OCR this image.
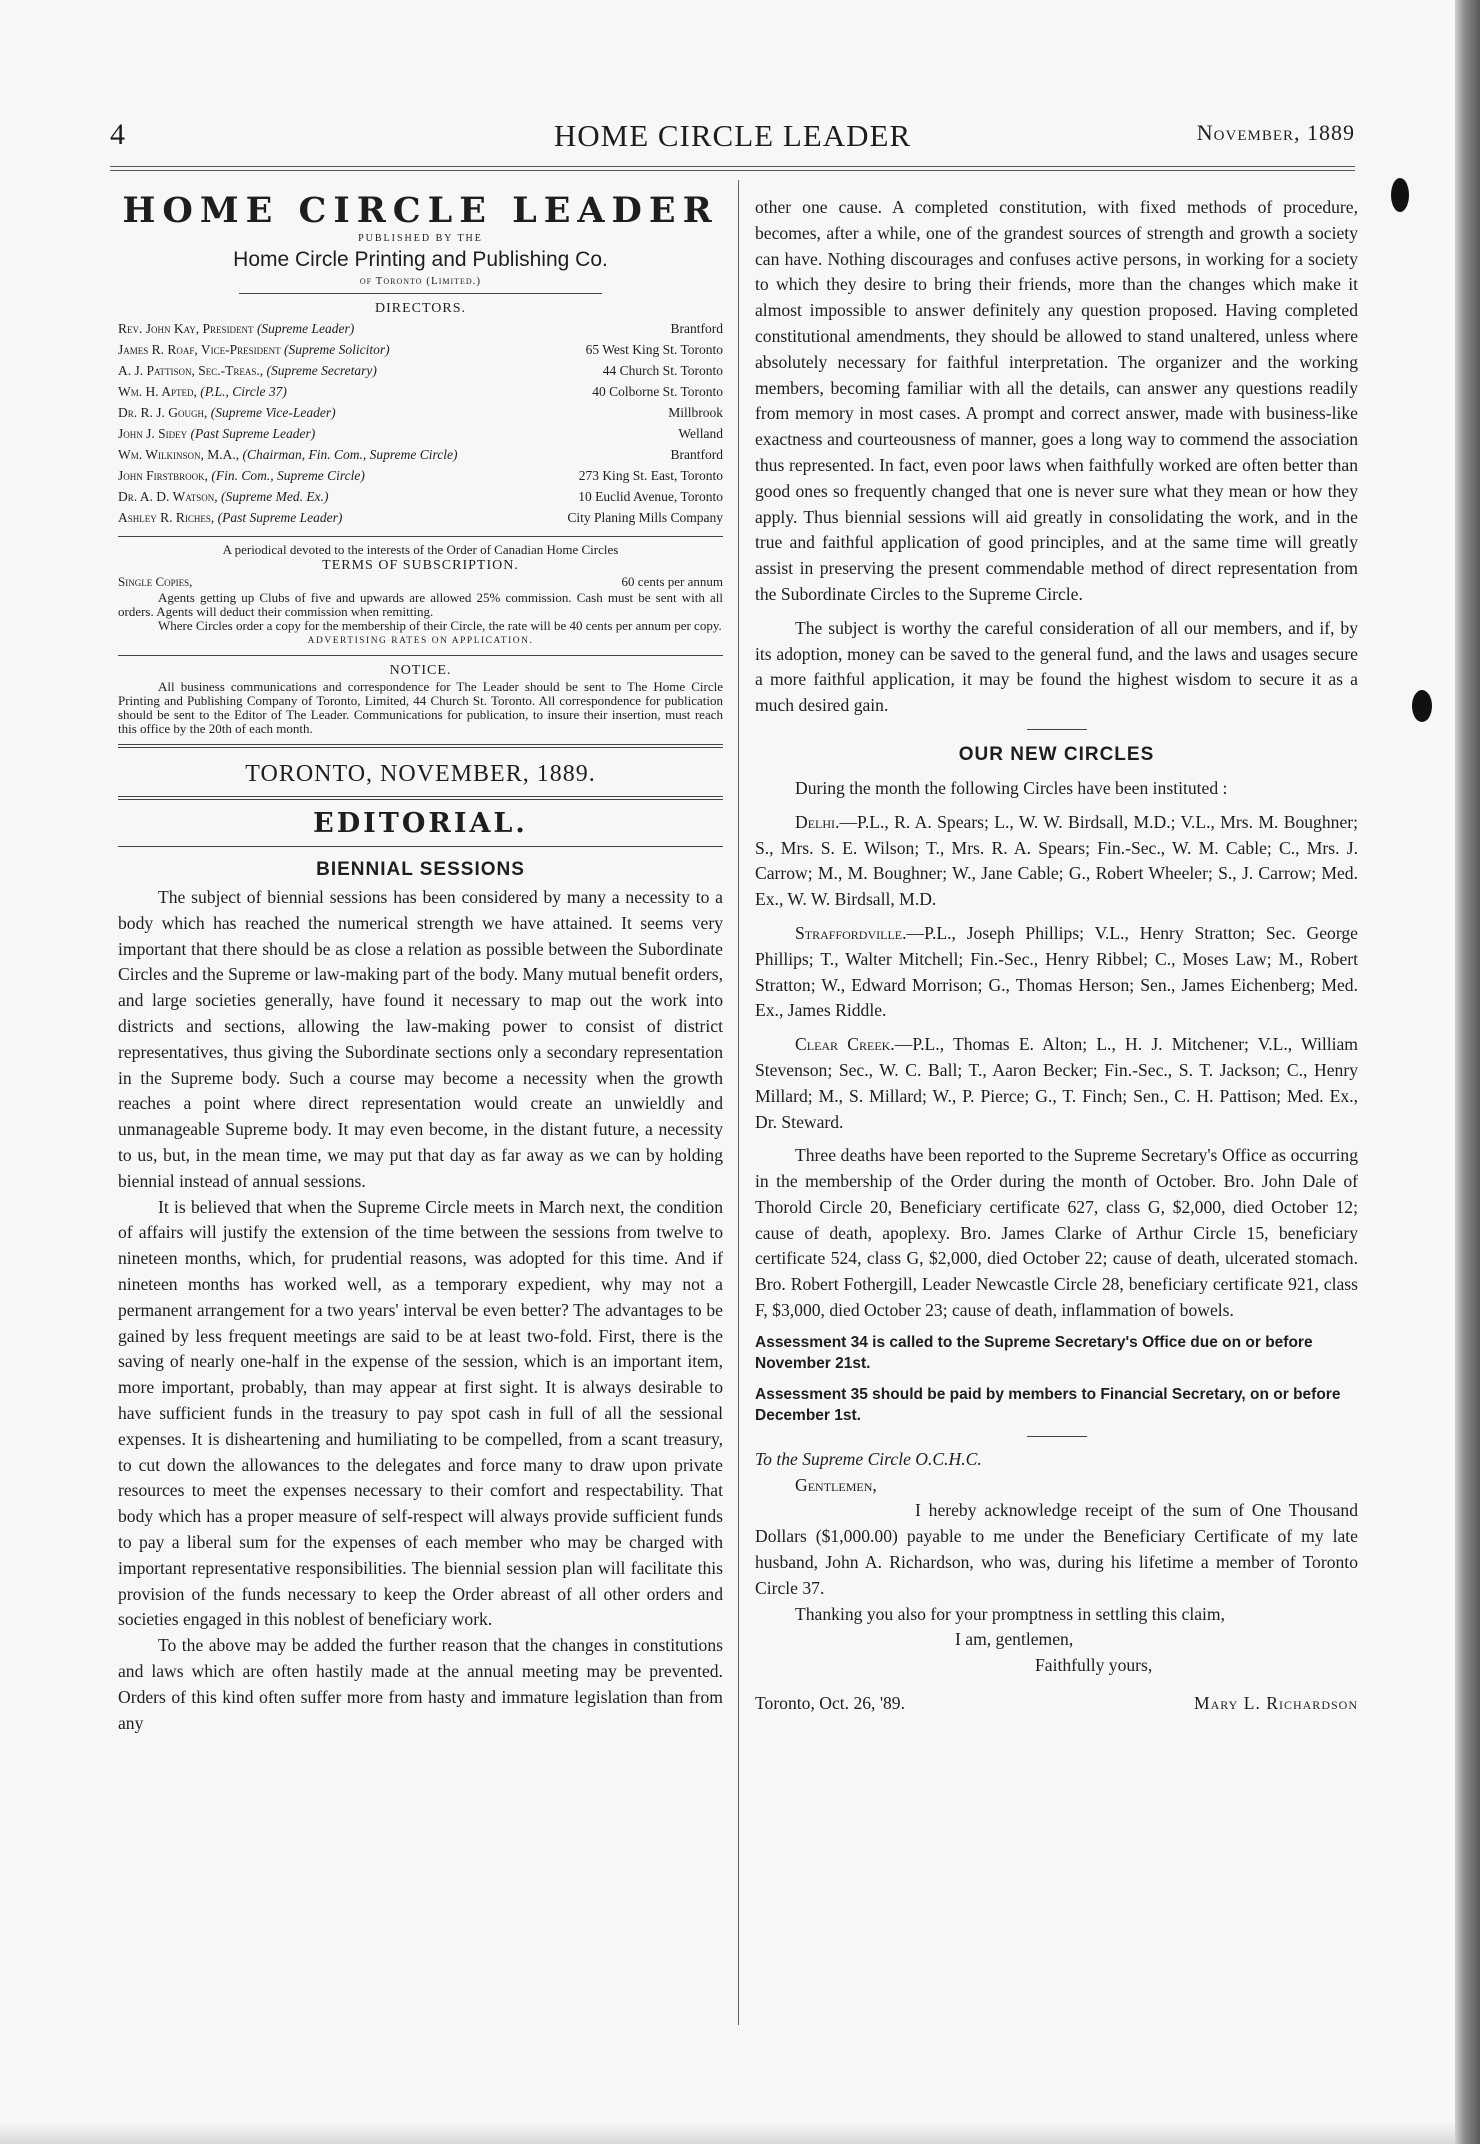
4	HOME CIRCLE LEADER	November, 1889
HOME CIRCLE LEADER
PUBLISHED BY THE
Home Circle Printing and Publishing Co.
of Toronto (Limited.)
DIRECTORS.
Rev. John Kay, President (Supreme Leader)	Brantford
James R. Roaf, Vice-President (Supreme Solicitor)	65 West King St. Toronto
A. J. Pattison, Sec.-Treas., (Supreme Secretary)	44 Church St. Toronto
Wm. H. Apted, (P.L., Circle 37)	40 Colborne St. Toronto
Dr. R. J. Gough, (Supreme Vice-Leader)	Millbrook
John J. Sidey (Past Supreme Leader)	Welland
Wm. Wilkinson, M.A., (Chairman, Fin. Com., Supreme Circle)	Brantford
John Firstbrook, (Fin. Com., Supreme Circle)	273 King St. East, Toronto
Dr. A. D. Watson, (Supreme Med. Ex.)	10 Euclid Avenue, Toronto
Ashley R. Riches, (Past Supreme Leader)	City Planing Mills Company
A periodical devoted to the interests of the Order of Canadian Home Circles
TERMS OF SUBSCRIPTION.
Single Copies,	60 cents per annum
Agents getting up Clubs of five and upwards are allowed 25% commission. Cash must be sent with all orders. Agents will deduct their commission when remitting.
Where Circles order a copy for the membership of their Circle, the rate will be 40 cents per annum per copy.
ADVERTISING RATES ON APPLICATION.
NOTICE.
All business communications and correspondence for The Leader should be sent to The Home Circle Printing and Publishing Company of Toronto, Limited, 44 Church St. Toronto. All correspondence for publication should be sent to the Editor of The Leader. Communications for publication, to insure their insertion, must reach this office by the 20th of each month.
TORONTO, NOVEMBER, 1889.
EDITORIAL.
BIENNIAL SESSIONS

The subject of biennial sessions has been considered by many a necessity to a body which has reached the numerical strength we have attained. It seems very important that there should be as close a relation as possible between the Subordinate Circles and the Supreme or law-making part of the body. Many mutual benefit orders, and large societies generally, have found it necessary to map out the work into districts and sections, allowing the law-making power to consist of district representatives, thus giving the Subordinate sections only a secondary representation in the Supreme body. Such a course may become a necessity when the growth reaches a point where direct representation would create an unwieldly and unmanageable Supreme body. It may even become, in the distant future, a necessity to us, but, in the mean time, we may put that day as far away as we can by holding biennial instead of annual sessions.

It is believed that when the Supreme Circle meets in March next, the condition of affairs will justify the extension of the time between the sessions from twelve to nineteen months, which, for prudential reasons, was adopted for this time. And if nineteen months has worked well, as a temporary expedient, why may not a permanent arrangement for a two years' interval be even better? The advantages to be gained by less frequent meetings are said to be at least two-fold. First, there is the saving of nearly one-half in the expense of the session, which is an important item, more important, probably, than may appear at first sight. It is always desirable to have sufficient funds in the treasury to pay spot cash in full of all the sessional expenses. It is disheartening and humiliating to be compelled, from a scant treasury, to cut down the allowances to the delegates and force many to draw upon private resources to meet the expenses necessary to their comfort and respectability. That body which has a proper measure of self-respect will always provide sufficient funds to pay a liberal sum for the expenses of each member who may be charged with important representative responsibilities. The biennial session plan will facilitate this provision of the funds necessary to keep the Order abreast of all other orders and societies engaged in this noblest of beneficiary work.

To the above may be added the further reason that the changes in constitutions and laws which are often hastily made at the annual meeting may be prevented. Orders of this kind often suffer more from hasty and immature legislation than from any

other one cause. A completed constitution, with fixed methods of procedure, becomes, after a while, one of the grandest sources of strength and growth a society can have. Nothing discourages and confuses active persons, in working for a society to which they desire to bring their friends, more than the changes which make it almost impossible to answer definitely any question proposed. Having completed constitutional amendments, they should be allowed to stand unaltered, unless where absolutely necessary for faithful interpretation. The organizer and the working members, becoming familiar with all the details, can answer any questions readily from memory in most cases. A prompt and correct answer, made with business-like exactness and courteousness of manner, goes a long way to commend the association thus represented. In fact, even poor laws when faithfully worked are often better than good ones so frequently changed that one is never sure what they mean or how they apply. Thus biennial sessions will aid greatly in consolidating the work, and in the true and faithful application of good principles, and at the same time will greatly assist in preserving the present commendable method of direct representation from the Subordinate Circles to the Supreme Circle.

The subject is worthy the careful consideration of all our members, and if, by its adoption, money can be saved to the general fund, and the laws and usages secure a more faithful application, it may be found the highest wisdom to secure it as a much desired gain.

OUR NEW CIRCLES

During the month the following Circles have been instituted :

Delhi.—P.L., R. A. Spears; L., W. W. Birdsall, M.D.; V.L., Mrs. M. Boughner; S., Mrs. S. E. Wilson; T., Mrs. R. A. Spears; Fin.-Sec., W. M. Cable; C., Mrs. J. Carrow; M., M. Boughner; W., Jane Cable; G., Robert Wheeler; S., J. Carrow; Med. Ex., W. W. Birdsall, M.D.

Straffordville.—P.L., Joseph Phillips; V.L., Henry Stratton; Sec. George Phillips; T., Walter Mitchell; Fin.-Sec., Henry Ribbel; C., Moses Law; M., Robert Stratton; W., Edward Morrison; G., Thomas Herson; Sen., James Eichenberg; Med. Ex., James Riddle.

Clear Creek.—P.L., Thomas E. Alton; L., H. J. Mitchener; V.L., William Stevenson; Sec., W. C. Ball; T., Aaron Becker; Fin.-Sec., S. T. Jackson; C., Henry Millard; M., S. Millard; W., P. Pierce; G., T. Finch; Sen., C. H. Pattison; Med. Ex., Dr. Steward.

Three deaths have been reported to the Supreme Secretary's Office as occurring in the membership of the Order during the month of October. Bro. John Dale of Thorold Circle 20, Beneficiary certificate 627, class G, $2,000, died October 12; cause of death, apoplexy. Bro. James Clarke of Arthur Circle 15, beneficiary certificate 524, class G, $2,000, died October 22; cause of death, ulcerated stomach. Bro. Robert Fothergill, Leader Newcastle Circle 28, beneficiary certificate 921, class F, $3,000, died October 23; cause of death, inflammation of bowels.

Assessment 34 is called to the Supreme Secretary's Office due on or before November 21st.
Assessment 35 should be paid by members to Financial Secretary, on or before December 1st.
To the Supreme Circle O.C.H.C.
Gentlemen,
I hereby acknowledge receipt of the sum of One Thousand Dollars ($1,000.00) payable to me under the Beneficiary Certificate of my late husband, John A. Richardson, who was, during his lifetime a member of Toronto Circle 37.
Thanking you also for your promptness in settling this claim,
I am, gentlemen,
Faithfully yours,
Toronto, Oct. 26, '89.	Mary L. Richardson
